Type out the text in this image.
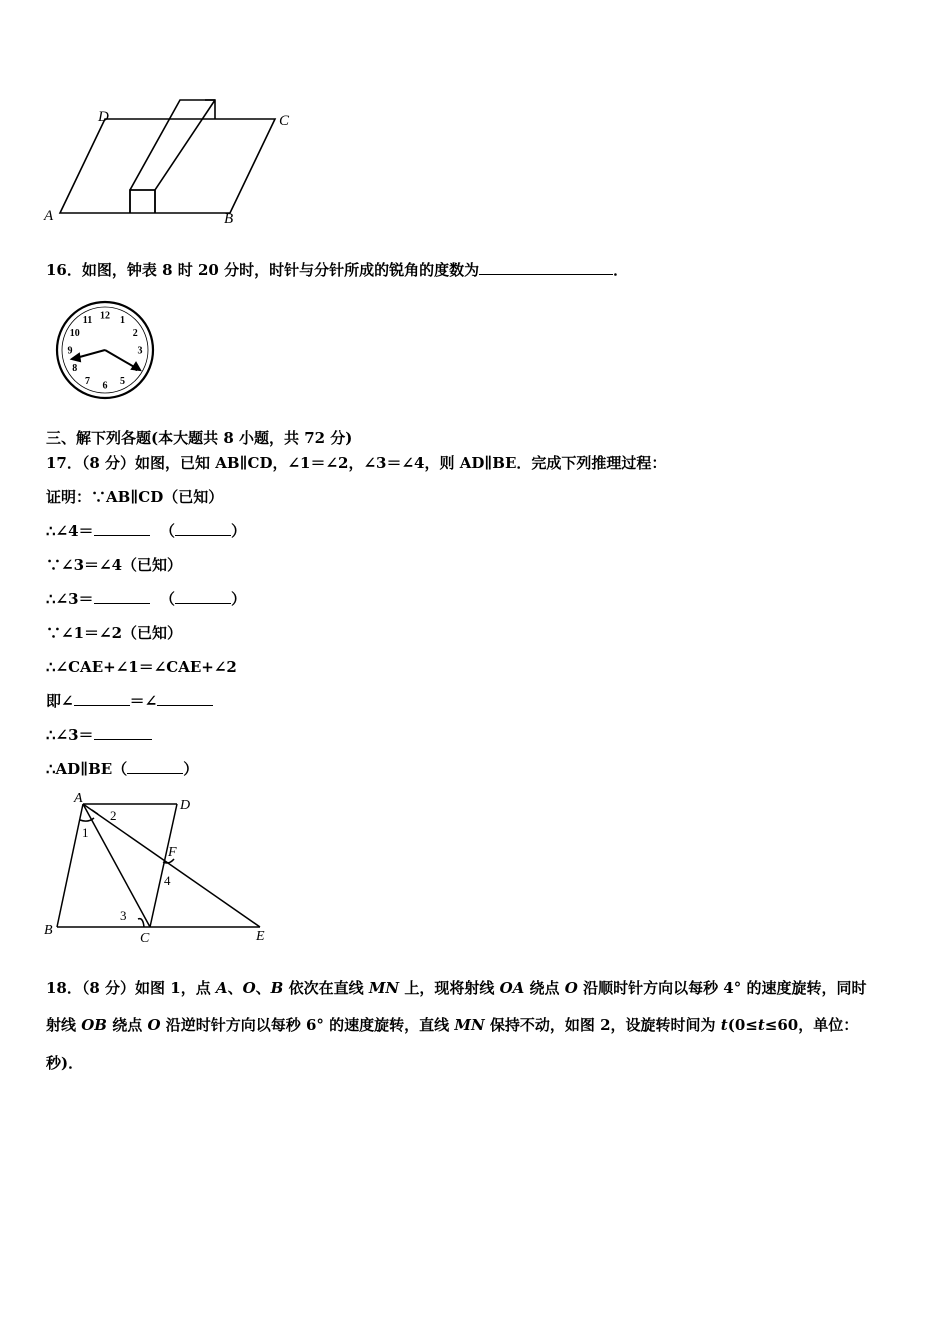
D	C
A	B
16．如图，钟表 8 时 20 分时，时针与分针所成的锐角的度数为	．
12 1
2
3
5
6
7
8
9
10
11
三、解下列各题(本大题共 8 小题，共 72 分)
17．（8 分）如图，已知 AB∥CD，∠1＝∠2，∠3＝∠4，则 AD∥BE．完成下列推理过程：
证明：∵AB∥CD（已知）
∴∠4＝	（	）
∵∠3＝∠4（已知）
∴∠3＝	（	）
∵∠1＝∠2（已知）
∴∠CAE+∠1＝∠CAE+∠2
即∠	＝∠
∴∠3＝
∴AD∥BE（	）
A	D
B
C	E
F
1
2
3
4
18．（8 分）如图 1，点 A、O、B 依次在直线 MN 上，现将射线 OA 绕点 O 沿顺时针方向以每秒 4° 的速度旋转，同时
射线 OB 绕点 O 沿逆时针方向以每秒 6° 的速度旋转，直线 MN 保持不动，如图 2，设旋转时间为 t(0≤t≤60，单位：
秒)．
